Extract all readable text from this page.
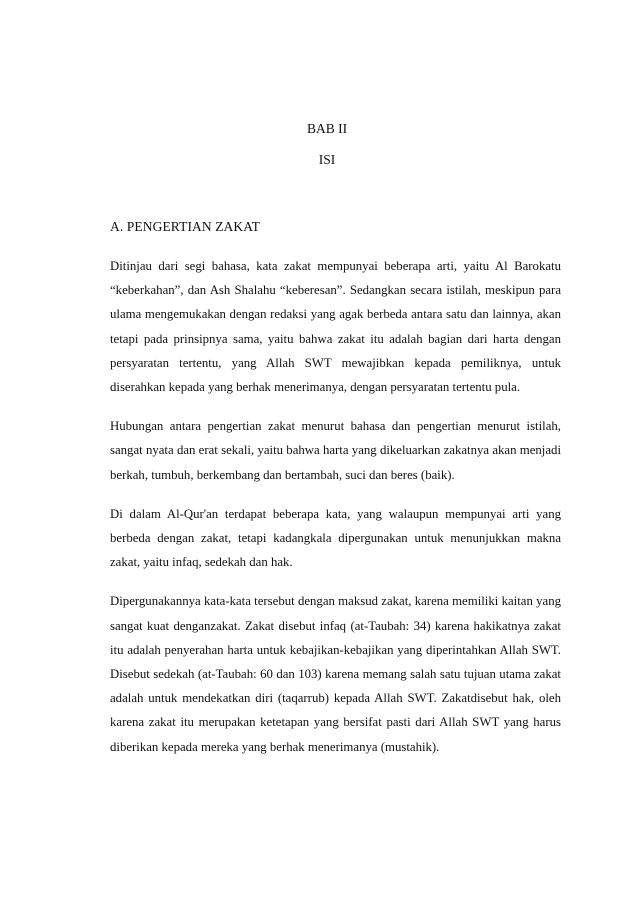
BAB II
ISI
A. PENGERTIAN ZAKAT

Ditinjau dari segi bahasa, kata zakat mempunyai beberapa arti, yaitu Al Barokatu “keberkahan”, dan Ash Shalahu “keberesan”. Sedangkan secara istilah, meskipun para ulama mengemukakan dengan redaksi yang agak berbeda antara satu dan lainnya, akan tetapi pada prinsipnya sama, yaitu bahwa zakat itu adalah bagian dari harta dengan persyaratan tertentu, yang Allah SWT mewajibkan kepada pemiliknya, untuk diserahkan kepada yang berhak menerimanya, dengan persyaratan tertentu pula.

Hubungan antara pengertian zakat menurut bahasa dan pengertian menurut istilah, sangat nyata dan erat sekali, yaitu bahwa harta yang dikeluarkan zakatnya akan menjadi berkah, tumbuh, berkembang dan bertambah, suci dan beres (baik).

Di dalam Al-Qur'an terdapat beberapa kata, yang walaupun mempunyai arti yang berbeda dengan zakat, tetapi kadangkala dipergunakan untuk menunjukkan makna zakat, yaitu infaq, sedekah dan hak.

Dipergunakannya kata-kata tersebut dengan maksud zakat, karena memiliki kaitan yang sangat kuat denganzakat. Zakat disebut infaq (at-Taubah: 34) karena hakikatnya zakat itu adalah penyerahan harta untuk kebajikan-kebajikan yang diperintahkan Allah SWT. Disebut sedekah (at-Taubah: 60 dan 103) karena memang salah satu tujuan utama zakat adalah untuk mendekatkan diri (taqarrub) kepada Allah SWT. Zakatdisebut hak, oleh karena zakat itu merupakan ketetapan yang bersifat pasti dari Allah SWT yang harus diberikan kepada mereka yang berhak menerimanya (mustahik).
